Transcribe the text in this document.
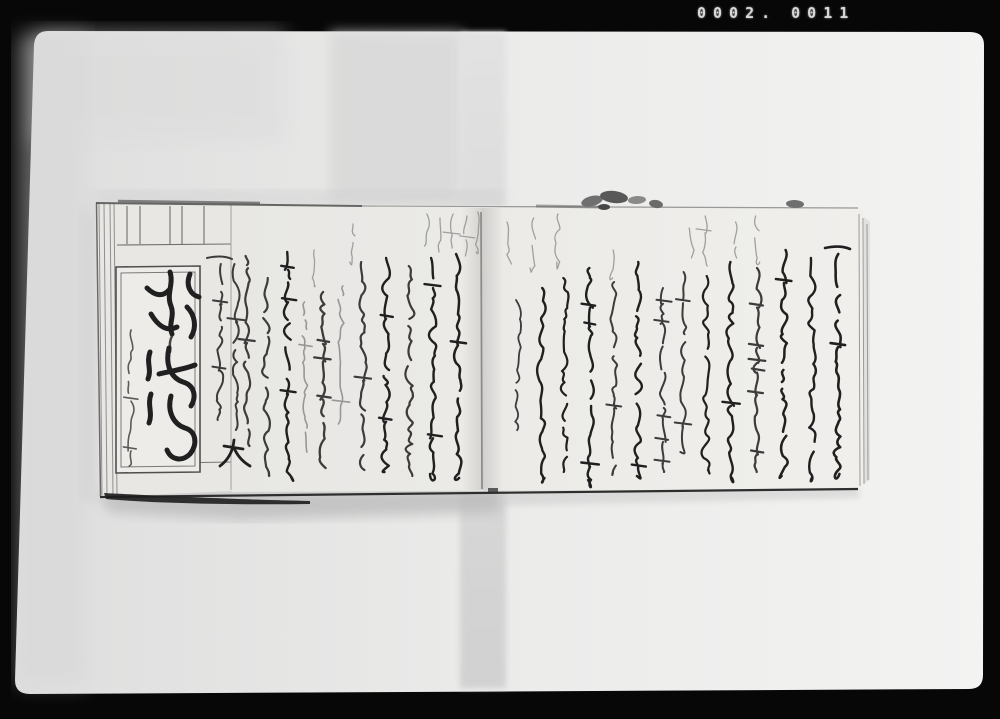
0002. 0011
